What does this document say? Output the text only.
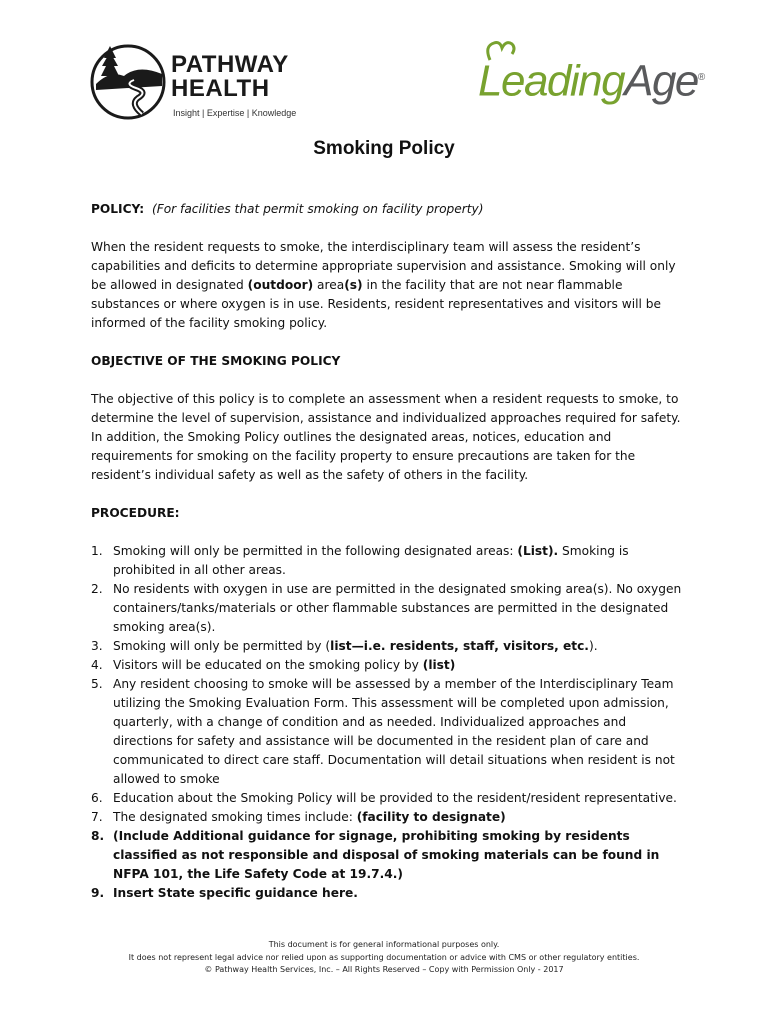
PATHWAY
HEALTH
Insight | Expertise | Knowledge
LeadingAge®
Smoking Policy

POLICY: (For facilities that permit smoking on facility property)

When the resident requests to smoke, the interdisciplinary team will assess the resident’s capabilities and deficits to determine appropriate supervision and assistance. Smoking will only be allowed in designated (outdoor) area(s) in the facility that are not near flammable substances or where oxygen is in use. Residents, resident representatives and visitors will be informed of the facility smoking policy.

OBJECTIVE OF THE SMOKING POLICY

The objective of this policy is to complete an assessment when a resident requests to smoke, to determine the level of supervision, assistance and individualized approaches required for safety. In addition, the Smoking Policy outlines the designated areas, notices, education and requirements for smoking on the facility property to ensure precautions are taken for the resident’s individual safety as well as the safety of others in the facility.

PROCEDURE:

1. Smoking will only be permitted in the following designated areas: (List). Smoking is prohibited in all other areas.
2. No residents with oxygen in use are permitted in the designated smoking area(s). No oxygen containers/tanks/materials or other flammable substances are permitted in the designated smoking area(s).
3. Smoking will only be permitted by (list—i.e. residents, staff, visitors, etc.).
4. Visitors will be educated on the smoking policy by (list)
5. Any resident choosing to smoke will be assessed by a member of the Interdisciplinary Team utilizing the Smoking Evaluation Form. This assessment will be completed upon admission, quarterly, with a change of condition and as needed. Individualized approaches and directions for safety and assistance will be documented in the resident plan of care and communicated to direct care staff. Documentation will detail situations when resident is not allowed to smoke
6. Education about the Smoking Policy will be provided to the resident/resident representative.
7. The designated smoking times include: (facility to designate)
8. (Include Additional guidance for signage, prohibiting smoking by residents classified as not responsible and disposal of smoking materials can be found in NFPA 101, the Life Safety Code at 19.7.4.)
9. Insert State specific guidance here.
This document is for general informational purposes only.
It does not represent legal advice nor relied upon as supporting documentation or advice with CMS or other regulatory entities.
© Pathway Health Services, Inc. – All Rights Reserved – Copy with Permission Only - 2017
